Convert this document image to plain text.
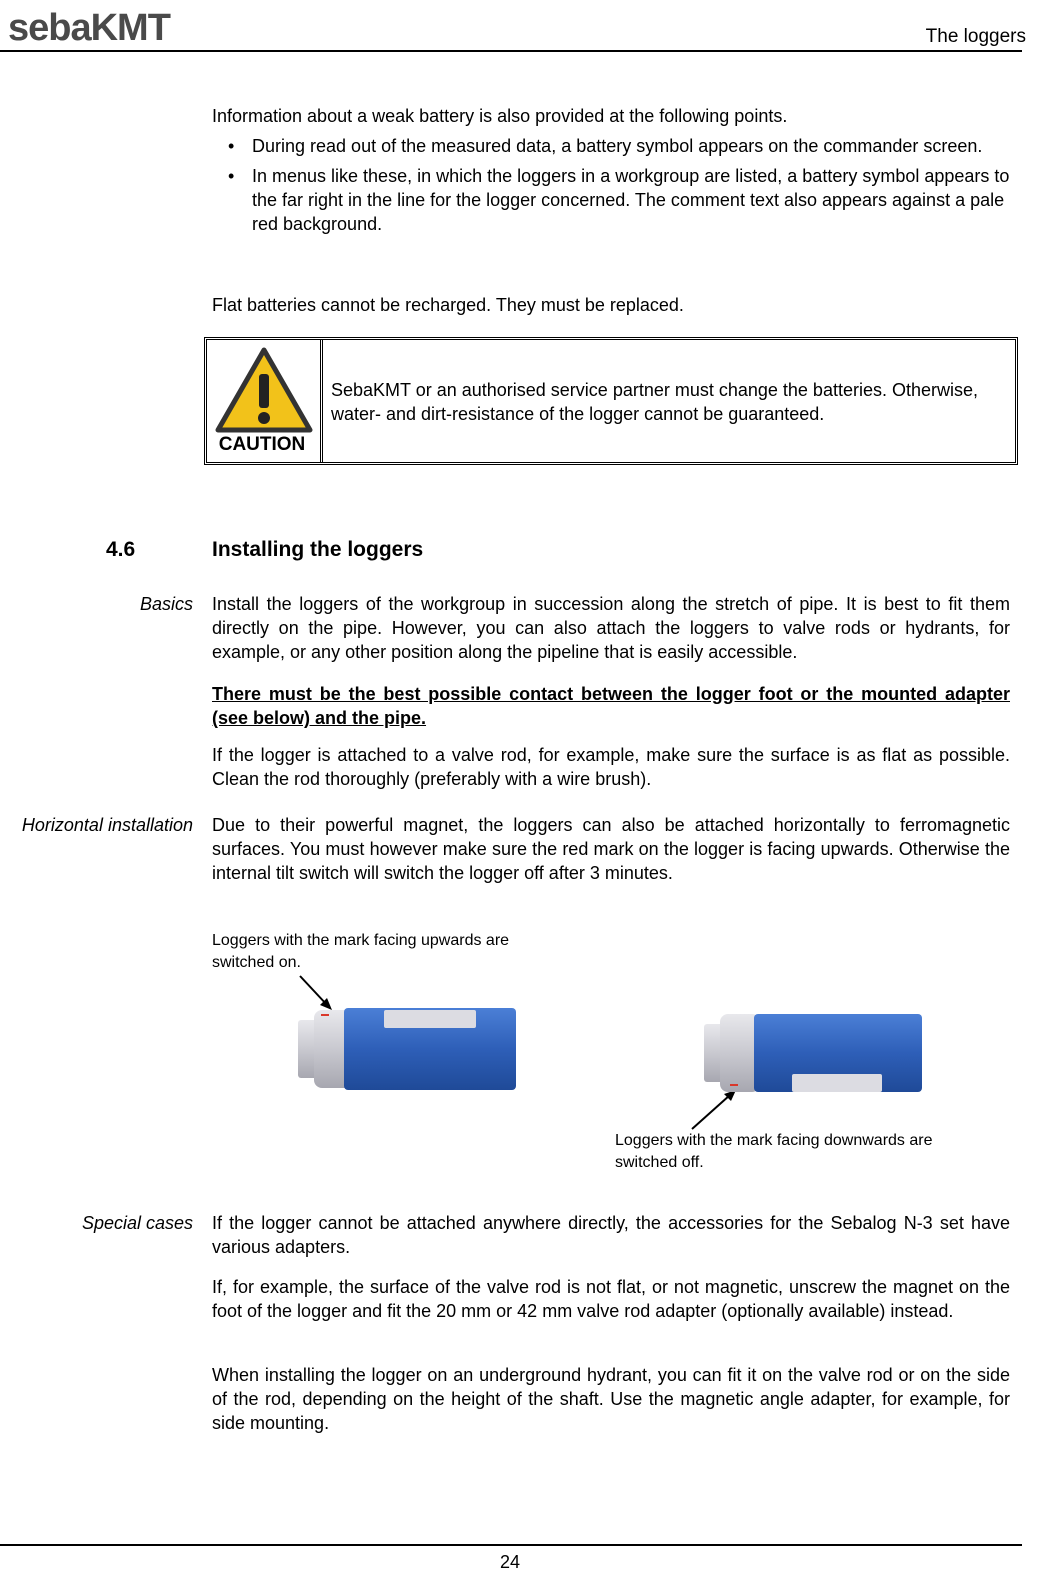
sebaKMT	The loggers

Information about a weak battery is also provided at the following points.

• During read out of the measured data, a battery symbol appears on the commander screen.
• In menus like these, in which the loggers in a workgroup are listed, a battery symbol appears to the far right in the line for the logger concerned. The comment text also appears against a pale red background.

Flat batteries cannot be recharged. They must be replaced.

CAUTION
SebaKMT or an authorised service partner must change the batteries. Otherwise, water- and dirt-resistance of the logger cannot be guaranteed.
4.6	Installing the loggers
Basics Install the loggers of the workgroup in succession along the stretch of pipe. It is best to fit them directly on the pipe. However, you can also attach the loggers to valve rods or hydrants, for example, or any other position along the pipeline that is easily accessible.

There must be the best possible contact between the logger foot or the mounted adapter (see below) and the pipe.

If the logger is attached to a valve rod, for example, make sure the surface is as flat as possible. Clean the rod thoroughly (preferably with a wire brush).

Horizontal installation Due to their powerful magnet, the loggers can also be attached horizontally to ferromagnetic surfaces. You must however make sure the red mark on the logger is facing upwards. Otherwise the internal tilt switch will switch the logger off after 3 minutes.

Loggers with the mark facing upwards are switched on.
Loggers with the mark facing downwards are switched off.
Special cases If the logger cannot be attached anywhere directly, the accessories for the Sebalog N-3 set have various adapters.

If, for example, the surface of the valve rod is not flat, or not magnetic, unscrew the magnet on the foot of the logger and fit the 20 mm or 42 mm valve rod adapter (optionally available) instead.

When installing the logger on an underground hydrant, you can fit it on the valve rod or on the side of the rod, depending on the height of the shaft. Use the magnetic angle adapter, for example, for side mounting.

24
